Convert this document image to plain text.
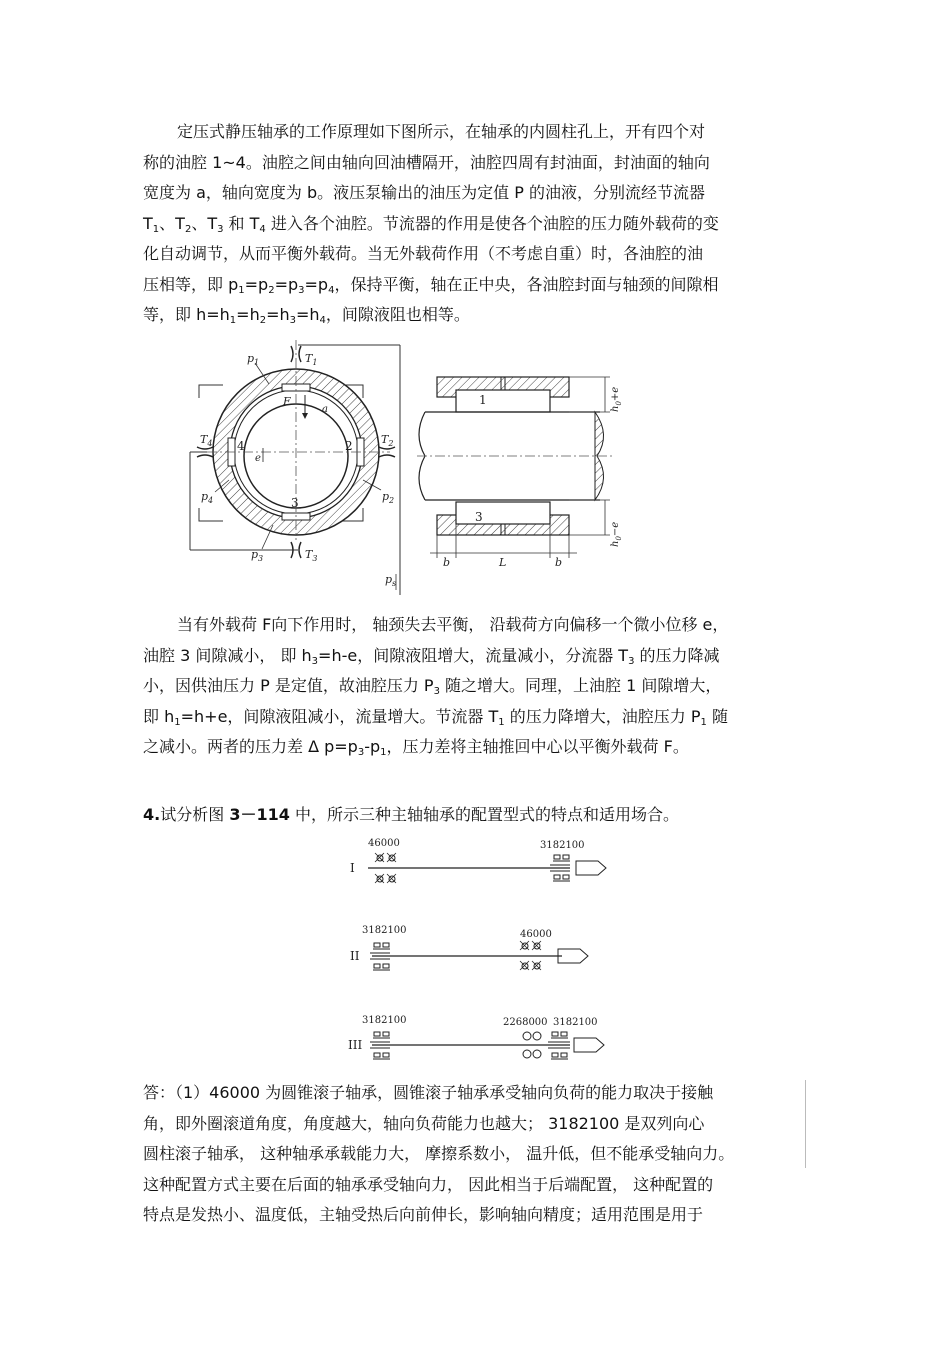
定压式静压轴承的工作原理如下图所示，在轴承的内圆柱孔上，开有四个对
称的油腔 1~4。油腔之间由轴向回油槽隔开，油腔四周有封油面，封油面的轴向
宽度为 a，轴向宽度为 b。液压泵输出的油压为定值 P 的油液，分别流经节流器
$T_1$、$T_2$、$T_3$ 和 $T_4$ 进入各个油腔。节流器的作用是使各个油腔的压力随外载荷的变
化自动调节，从而平衡外载荷。当无外载荷作用（不考虑自重）时，各油腔的油
压相等，即 $p_1=p_2=p_3=p_4$，保持平衡，轴在正中央，各油腔封面与轴颈的间隙相
等，即 $h=h_1=h_2=h_3=h_4$，间隙液阻也相等。
$p_1$	$T_1$
F
a
$T_4$ 4	2	$T_2$
e
$p_4$	$p_2$
3
$p_3$	$T_3$
$p_s$
1
3
$h_0+e$
$h_0-e$
b	L	b
当有外载荷 F向下作用时， 轴颈失去平衡， 沿载荷方向偏移一个微小位移 e，
油腔 3 间隙减小， 即 $h_3=h-e$，间隙液阻增大，流量减小，分流器 $T_3$ 的压力降减
小，因供油压力 P 是定值，故油腔压力 $P_3$ 随之增大。同理，上油腔 1 间隙增大，
即 $h_1=h+e$，间隙液阻减小，流量增大。节流器 $T_1$ 的压力降增大，油腔压力 $P_1$ 随
之减小。两者的压力差 Δ $p=p_3-p_1$，压力差将主轴推回中心以平衡外载荷 F。
4.试分析图 3－114 中，所示三种主轴轴承的配置型式的特点和适用场合。
I
46000	3182100
II
3182100	46000
III
3182100	2268000 3182100
答：（1）46000 为圆锥滚子轴承，圆锥滚子轴承承受轴向负荷的能力取决于接触
角，即外圈滚道角度，角度越大，轴向负荷能力也越大； 3182100 是双列向心
圆柱滚子轴承， 这种轴承承载能力大， 摩擦系数小， 温升低，但不能承受轴向力。
这种配置方式主要在后面的轴承承受轴向力， 因此相当于后端配置， 这种配置的
特点是发热小、温度低，主轴受热后向前伸长，影响轴向精度；适用范围是用于
